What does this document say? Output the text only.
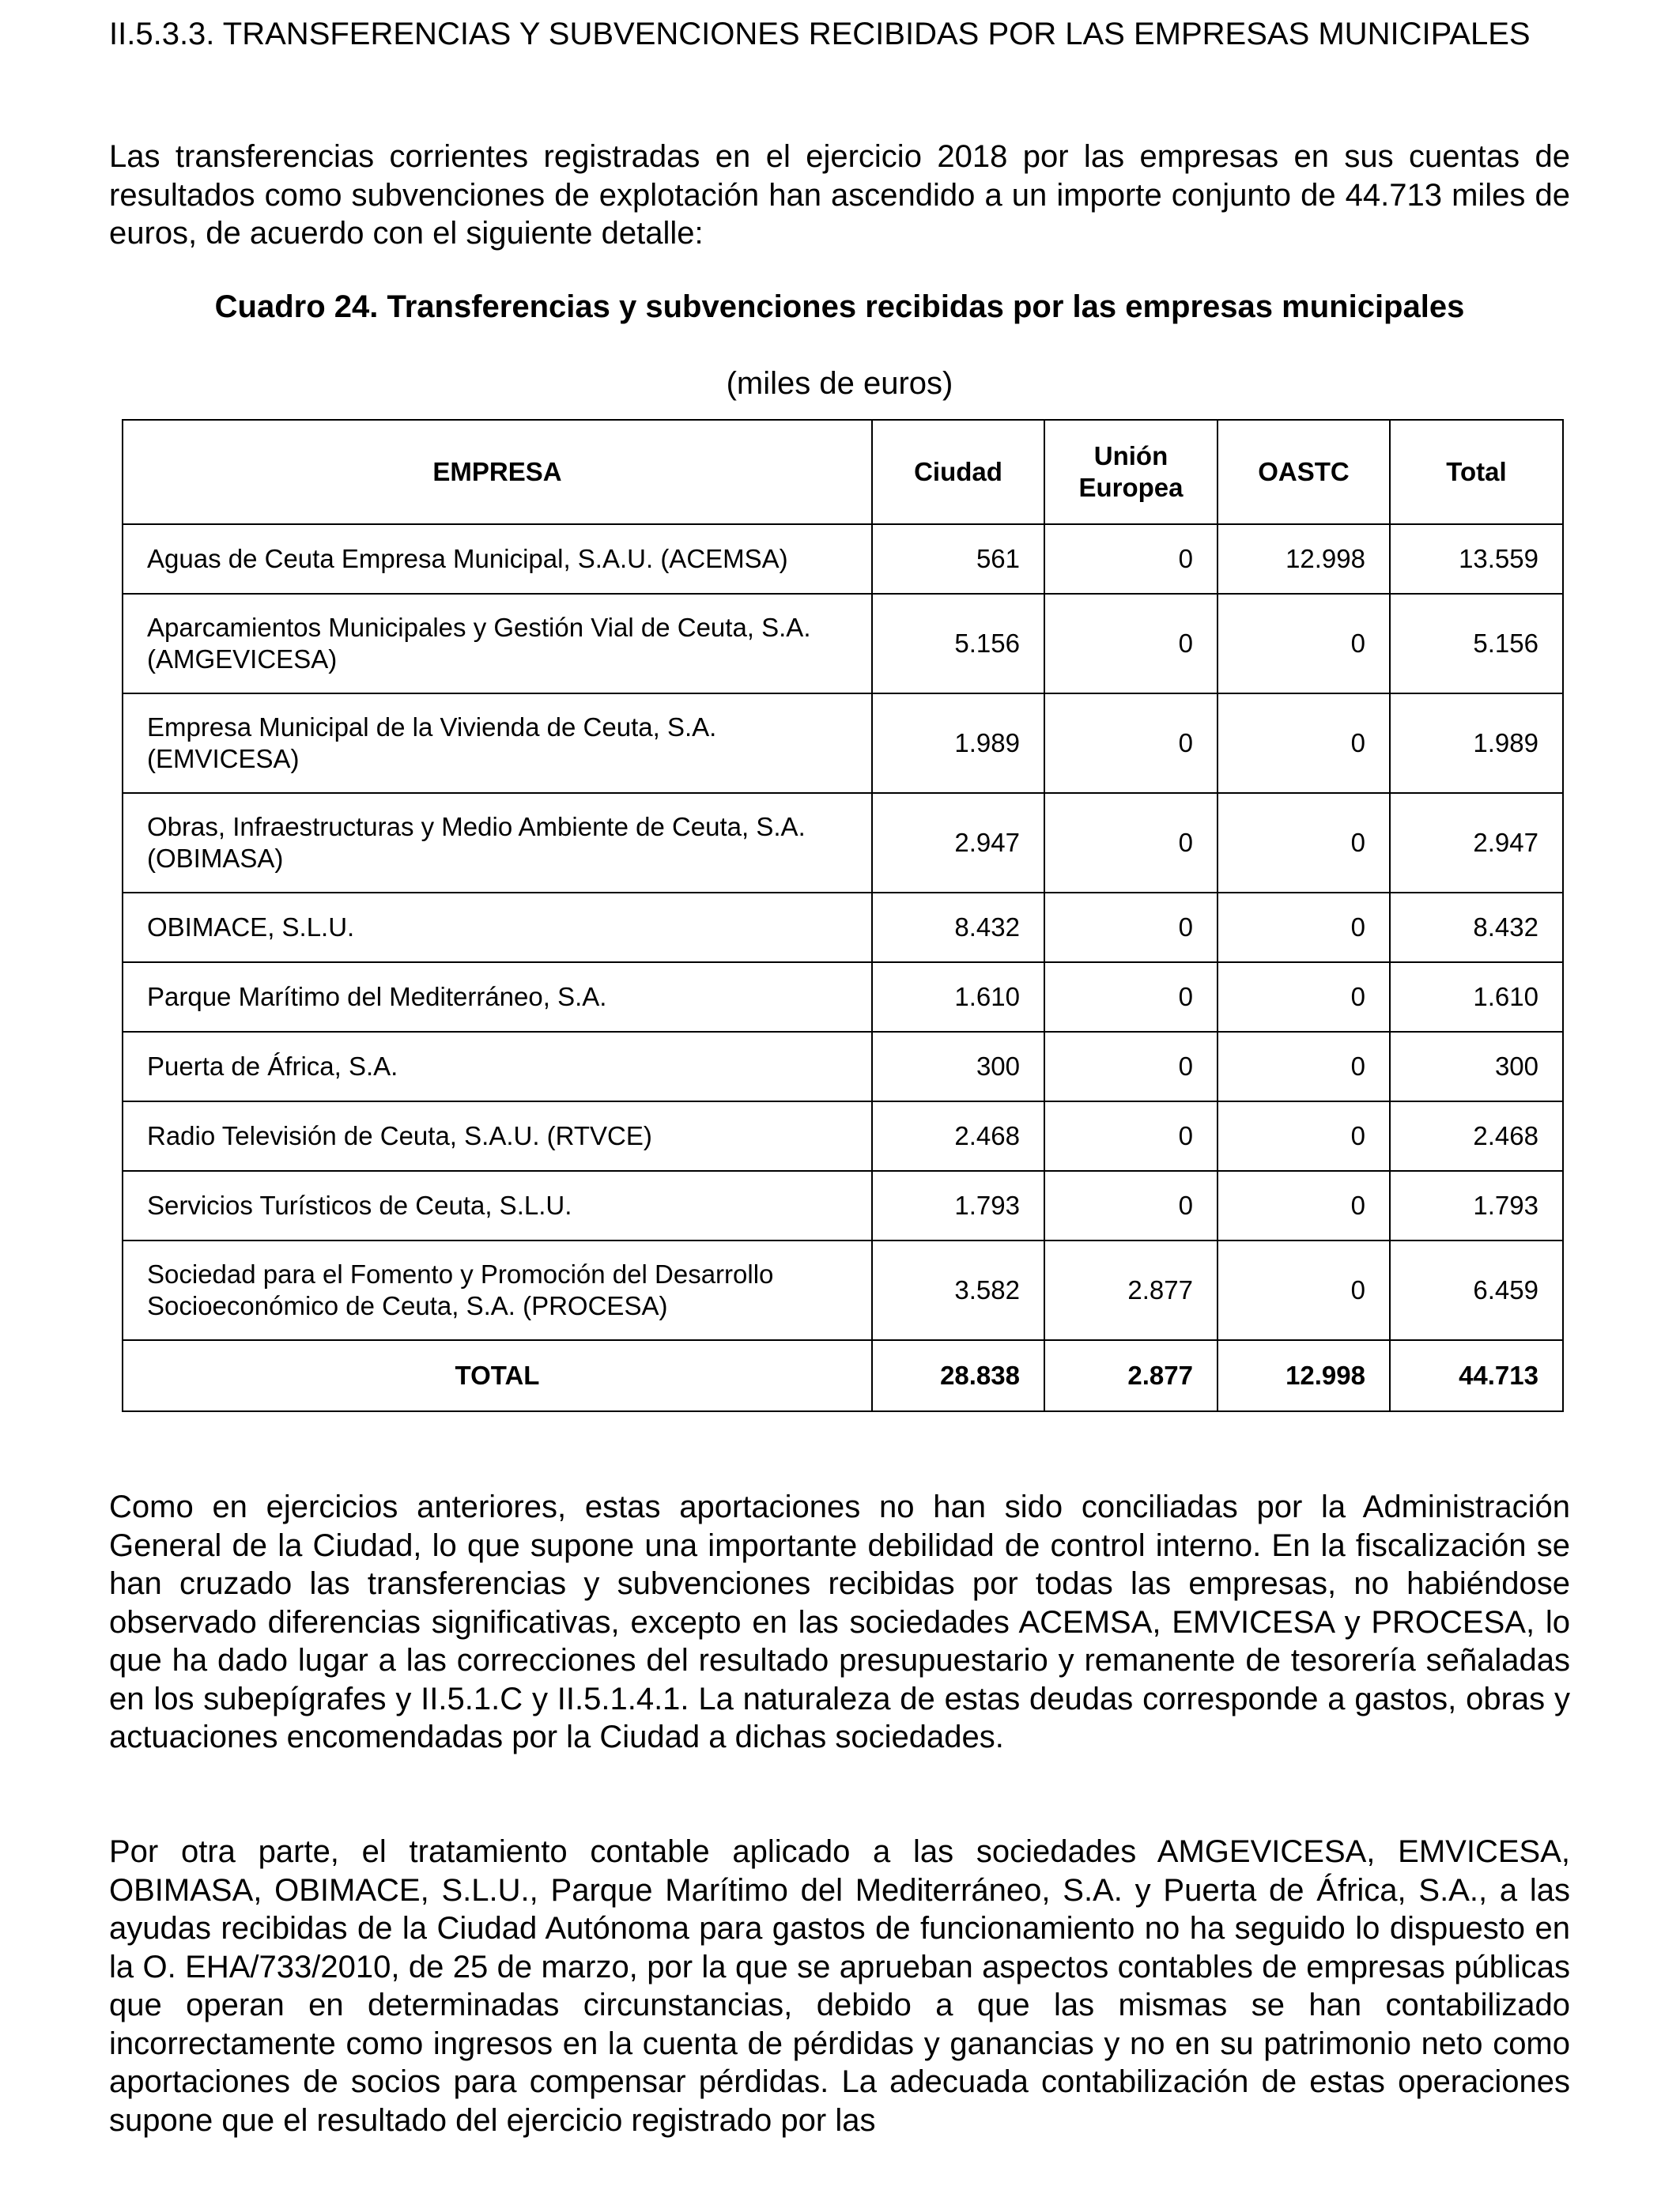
II.5.3.3. TRANSFERENCIAS Y SUBVENCIONES RECIBIDAS POR LAS EMPRESAS MUNICIPALES

Las transferencias corrientes registradas en el ejercicio 2018 por las empresas en sus cuentas de resultados como subvenciones de explotación han ascendido a un importe conjunto de 44.713 miles de euros, de acuerdo con el siguiente detalle:

Cuadro 24. Transferencias y subvenciones recibidas por las empresas municipales

(miles de euros)

EMPRESA	Ciudad	Unión Europea	OASTC	Total
Aguas de Ceuta Empresa Municipal, S.A.U. (ACEMSA)	561	0	12.998	13.559
Aparcamientos Municipales y Gestión Vial de Ceuta, S.A. (AMGEVICESA)	5.156	0	0	5.156
Empresa Municipal de la Vivienda de Ceuta, S.A. (EMVICESA)	1.989	0	0	1.989
Obras, Infraestructuras y Medio Ambiente de Ceuta, S.A. (OBIMASA)	2.947	0	0	2.947
OBIMACE, S.L.U.	8.432	0	0	8.432
Parque Marítimo del Mediterráneo, S.A.	1.610	0	0	1.610
Puerta de África, S.A.	300	0	0	300
Radio Televisión de Ceuta, S.A.U. (RTVCE)	2.468	0	0	2.468
Servicios Turísticos de Ceuta, S.L.U.	1.793	0	0	1.793
Sociedad para el Fomento y Promoción del Desarrollo Socioeconómico de Ceuta, S.A. (PROCESA)	3.582	2.877	0	6.459
TOTAL	28.838	2.877	12.998	44.713

Como en ejercicios anteriores, estas aportaciones no han sido conciliadas por la Administración General de la Ciudad, lo que supone una importante debilidad de control interno. En la fiscalización se han cruzado las transferencias y subvenciones recibidas por todas las empresas, no habiéndose observado diferencias significativas, excepto en las sociedades ACEMSA, EMVICESA y PROCESA, lo que ha dado lugar a las correcciones del resultado presupuestario y remanente de tesorería señaladas en los subepígrafes y II.5.1.C y II.5.1.4.1. La naturaleza de estas deudas corresponde a gastos, obras y actuaciones encomendadas por la Ciudad a dichas sociedades.

Por otra parte, el tratamiento contable aplicado a las sociedades AMGEVICESA, EMVICESA, OBIMASA, OBIMACE, S.L.U., Parque Marítimo del Mediterráneo, S.A. y Puerta de África, S.A., a las ayudas recibidas de la Ciudad Autónoma para gastos de funcionamiento no ha seguido lo dispuesto en la O. EHA/733/2010, de 25 de marzo, por la que se aprueban aspectos contables de empresas públicas que operan en determinadas circunstancias, debido a que las mismas se han contabilizado incorrectamente como ingresos en la cuenta de pérdidas y ganancias y no en su patrimonio neto como aportaciones de socios para compensar pérdidas. La adecuada contabilización de estas operaciones supone que el resultado del ejercicio registrado por las
